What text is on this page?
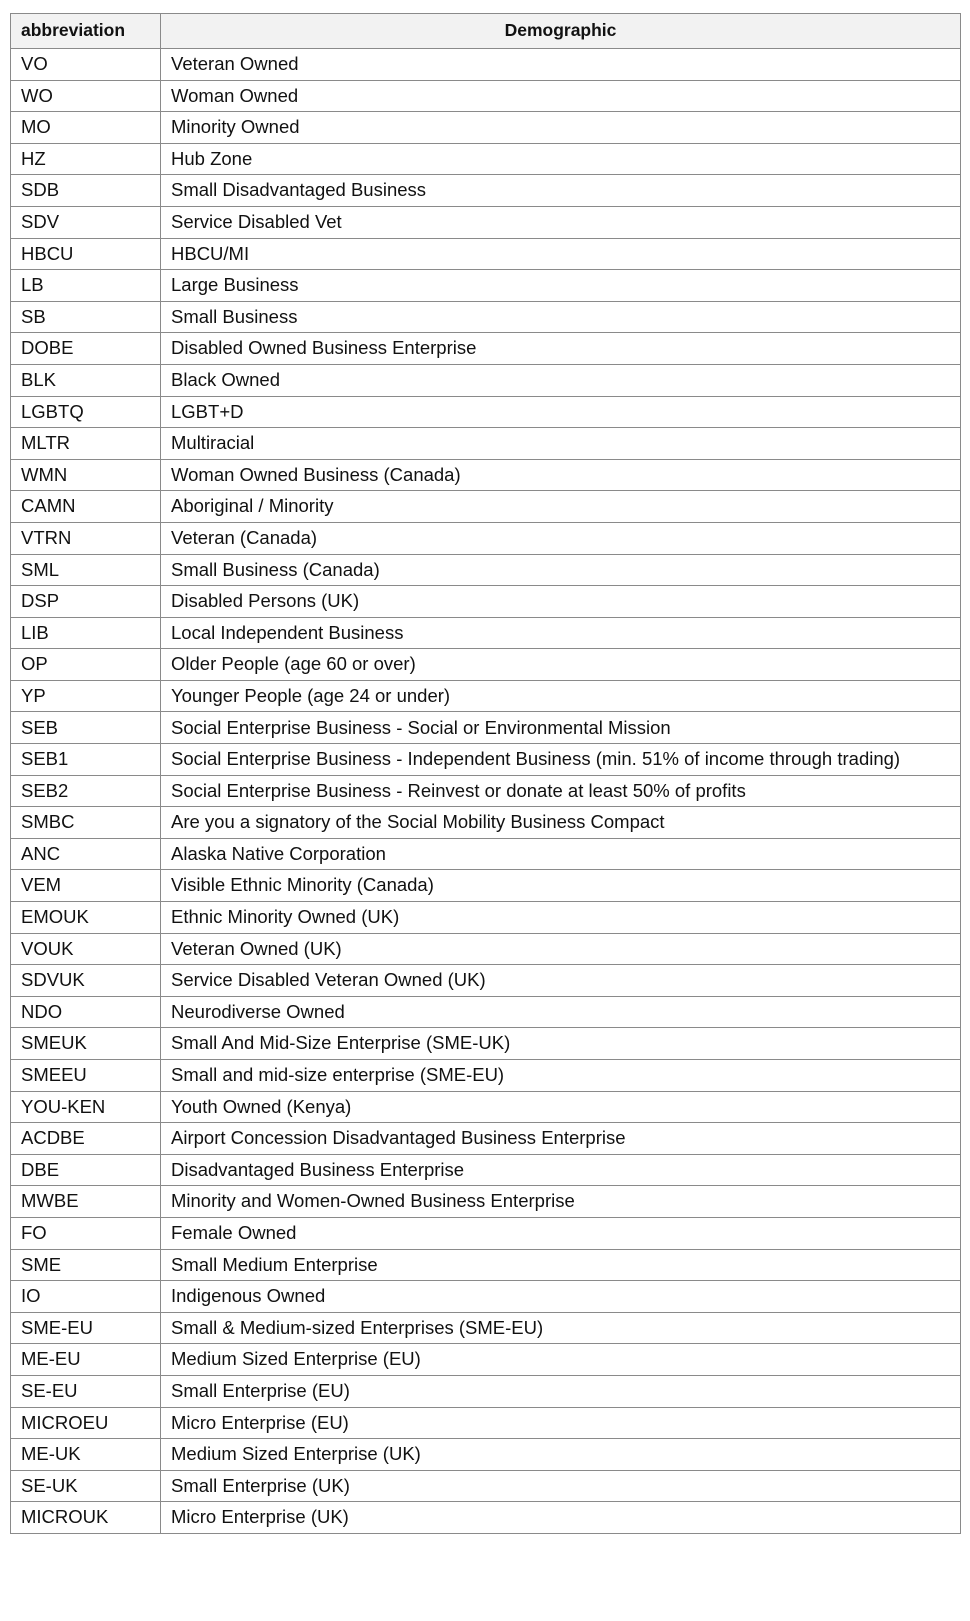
abbreviation	Demographic
VO	Veteran Owned
WO	Woman Owned
MO	Minority Owned
HZ	Hub Zone
SDB	Small Disadvantaged Business
SDV	Service Disabled Vet
HBCU	HBCU/MI
LB	Large Business
SB	Small Business
DOBE	Disabled Owned Business Enterprise
BLK	Black Owned
LGBTQ	LGBT+D
MLTR	Multiracial
WMN	Woman Owned Business (Canada)
CAMN	Aboriginal / Minority
VTRN	Veteran (Canada)
SML	Small Business (Canada)
DSP	Disabled Persons (UK)
LIB	Local Independent Business
OP	Older People (age 60 or over)
YP	Younger People (age 24 or under)
SEB	Social Enterprise Business - Social or Environmental Mission
SEB1	Social Enterprise Business - Independent Business (min. 51% of income through trading)
SEB2	Social Enterprise Business - Reinvest or donate at least 50% of profits
SMBC	Are you a signatory of the Social Mobility Business Compact
ANC	Alaska Native Corporation
VEM	Visible Ethnic Minority (Canada)
EMOUK	Ethnic Minority Owned (UK)
VOUK	Veteran Owned (UK)
SDVUK	Service Disabled Veteran Owned (UK)
NDO	Neurodiverse Owned
SMEUK	Small And Mid-Size Enterprise (SME-UK)
SMEEU	Small and mid-size enterprise (SME-EU)
YOU-KEN	Youth Owned (Kenya)
ACDBE	Airport Concession Disadvantaged Business Enterprise
DBE	Disadvantaged Business Enterprise
MWBE	Minority and Women-Owned Business Enterprise
FO	Female Owned
SME	Small Medium Enterprise
IO	Indigenous Owned
SME-EU	Small & Medium-sized Enterprises (SME-EU)
ME-EU	Medium Sized Enterprise (EU)
SE-EU	Small Enterprise (EU)
MICROEU	Micro Enterprise (EU)
ME-UK	Medium Sized Enterprise (UK)
SE-UK	Small Enterprise (UK)
MICROUK	Micro Enterprise (UK)
